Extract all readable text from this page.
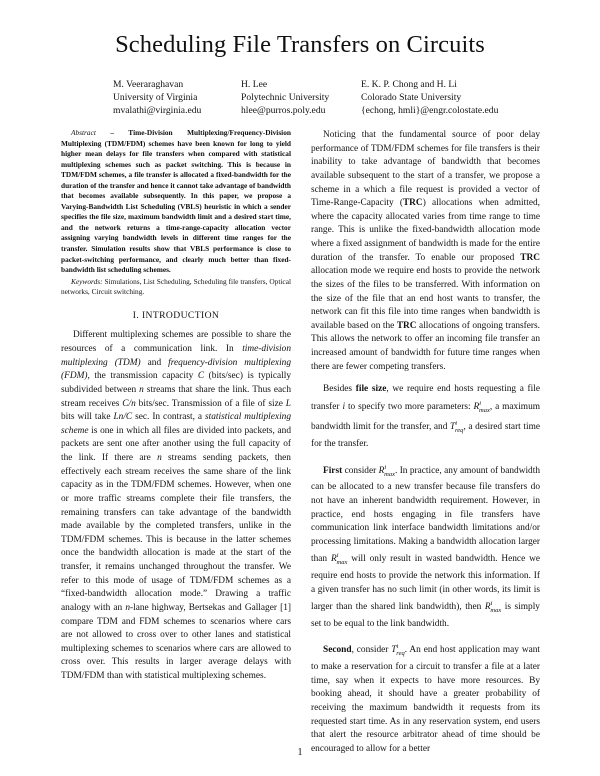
Scheduling File Transfers on Circuits
M. Veeraraghavan
University of Virginia
mvalathi@virginia.edu
H. Lee
Polytechnic University
hlee@purros.poly.edu
E. K. P. Chong and H. Li
Colorado State University
{echong, hmli}@engr.colostate.edu

Abstract – Time-Division Multiplexing/Frequency-Division Multiplexing (TDM/FDM) schemes have been known for long to yield higher mean delays for file transfers when compared with statistical multiplexing schemes such as packet switching. This is because in TDM/FDM schemes, a file transfer is allocated a fixed-bandwidth for the duration of the transfer and hence it cannot take advantage of bandwidth that becomes available subsequently. In this paper, we propose a Varying-Bandwidth List Scheduling (VBLS) heuristic in which a sender specifies the file size, maximum bandwidth limit and a desired start time, and the network returns a time-range-capacity allocation vector assigning varying bandwidth levels in different time ranges for the transfer. Simulation results show that VBLS performance is close to packet-switching performance, and clearly much better than fixed-bandwidth list scheduling schemes.

Keywords: Simulations, List Scheduling, Scheduling file transfers, Optical networks, Circuit switching.

I. INTRODUCTION

Different multiplexing schemes are possible to share the resources of a communication link. In time-division multiplexing (TDM) and frequency-division multiplexing (FDM), the transmission capacity C (bits/sec) is typically subdivided between n streams that share the link. Thus each stream receives C/n bits/sec. Transmission of a file of size L bits will take Ln/C sec. In contrast, a statistical multiplexing scheme is one in which all files are divided into packets, and packets are sent one after another using the full capacity of the link. If there are n streams sending packets, then effectively each stream receives the same share of the link capacity as in the TDM/FDM schemes. However, when one or more traffic streams complete their file transfers, the remaining transfers can take advantage of the bandwidth made available by the completed transfers, unlike in the TDM/FDM schemes. This is because in the latter schemes once the bandwidth allocation is made at the start of the transfer, it remains unchanged throughout the transfer. We refer to this mode of usage of TDM/FDM schemes as a “fixed-bandwidth allocation mode.” Drawing a traffic analogy with an n-lane highway, Bertsekas and Gallager [1] compare TDM and FDM schemes to scenarios where cars are not allowed to cross over to other lanes and statistical multiplexing schemes to scenarios where cars are allowed to cross over. This results in larger average delays with TDM/FDM than with statistical multiplexing schemes.

Noticing that the fundamental source of poor delay performance of TDM/FDM schemes for file transfers is their inability to take advantage of bandwidth that becomes available subsequent to the start of a transfer, we propose a scheme in a which a file request is provided a vector of Time-Range-Capacity (TRC) allocations when admitted, where the capacity allocated varies from time range to time range. This is unlike the fixed-bandwidth allocation mode where a fixed assignment of bandwidth is made for the entire duration of the transfer. To enable our proposed TRC allocation mode we require end hosts to provide the network the sizes of the files to be transferred. With information on the size of the file that an end host wants to transfer, the network can fit this file into time ranges when bandwidth is available based on the TRC allocations of ongoing transfers. This allows the network to offer an incoming file transfer an increased amount of bandwidth for future time ranges when there are fewer competing transfers.

Besides file size, we require end hosts requesting a file transfer i to specify two more parameters: $R^i_{max}$, a maximum bandwidth limit for the transfer, and $T^i_{req}$, a desired start time for the transfer.

First consider $R^i_{max}$. In practice, any amount of bandwidth can be allocated to a new transfer because file transfers do not have an inherent bandwidth requirement. However, in practice, end hosts engaging in file transfers have communication link interface bandwidth limitations and/or processing limitations. Making a bandwidth allocation larger than $R^i_{max}$ will only result in wasted bandwidth. Hence we require end hosts to provide the network this information. If a given transfer has no such limit (in other words, its limit is larger than the shared link bandwidth), then $R^i_{max}$ is simply set to be equal to the link bandwidth.

Second, consider $T^i_{req}$. An end host application may want to make a reservation for a circuit to transfer a file at a later time, say when it expects to have more resources. By booking ahead, it should have a greater probability of receiving the maximum bandwidth it requests from its requested start time. As in any reservation system, end users that alert the resource arbitrator ahead of time should be encouraged to allow for a better

1
